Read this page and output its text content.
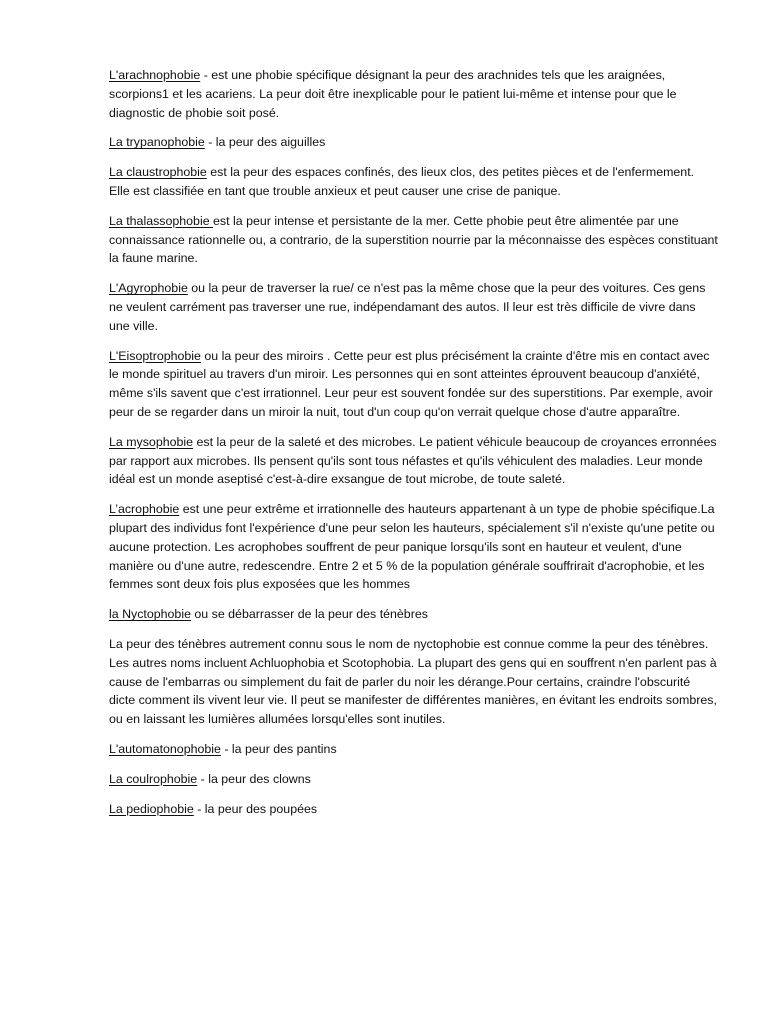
L'arachnophobie - est une phobie spécifique désignant la peur des arachnides tels que les araignées, scorpions1 et les acariens. La peur doit être inexplicable pour le patient lui-même et intense pour que le diagnostic de phobie soit posé.

La trypanophobie - la peur des aiguilles

La claustrophobie est la peur des espaces confinés, des lieux clos, des petites pièces et de l'enfermement. Elle est classifiée en tant que trouble anxieux et peut causer une crise de panique.

La thalassophobie est la peur intense et persistante de la mer. Cette phobie peut être alimentée par une connaissance rationnelle ou, a contrario, de la superstition nourrie par la méconnaisse des espèces constituant la faune marine.

L'Agyrophobie ou la peur de traverser la rue/ ce n'est pas la même chose que la peur des voitures. Ces gens ne veulent carrément pas traverser une rue, indépendamant des autos. Il leur est très difficile de vivre dans une ville.

L'Eisoptrophobie ou la peur des miroirs . Cette peur est plus précisément la crainte d'être mis en contact avec le monde spirituel au travers d'un miroir. Les personnes qui en sont atteintes éprouvent beaucoup d'anxiété, même s'ils savent que c'est irrationnel. Leur peur est souvent fondée sur des superstitions. Par exemple, avoir peur de se regarder dans un miroir la nuit, tout d'un coup qu'on verrait quelque chose d'autre apparaître.

La mysophobie est la peur de la saleté et des microbes. Le patient véhicule beaucoup de croyances erronnées par rapport aux microbes. Ils pensent qu'ils sont tous néfastes et qu'ils véhiculent des maladies. Leur monde idéal est un monde aseptisé c'est-à-dire exsangue de tout microbe, de toute saleté.

L’acrophobie est une peur extrême et irrationnelle des hauteurs appartenant à un type de phobie spécifique.La plupart des individus font l'expérience d'une peur selon les hauteurs, spécialement s'il n'existe qu'une petite ou aucune protection. Les acrophobes souffrent de peur panique lorsqu'ils sont en hauteur et veulent, d'une manière ou d'une autre, redescendre. Entre 2 et 5 % de la population générale souffrirait d'acrophobie, et les femmes sont deux fois plus exposées que les hommes

la Nyctophobie ou se débarrasser de la peur des ténèbres

La peur des ténèbres autrement connu sous le nom de nyctophobie est connue comme la peur des ténèbres. Les autres noms incluent Achluophobia et Scotophobia. La plupart des gens qui en souffrent n'en parlent pas à cause de l'embarras ou simplement du fait de parler du noir les dérange.Pour certains, craindre l'obscurité dicte comment ils vivent leur vie. Il peut se manifester de différentes manières, en évitant les endroits sombres, ou en laissant les lumières allumées lorsqu'elles sont inutiles.

L'automatonophobie - la peur des pantins

La coulrophobie - la peur des clowns

La pediophobie - la peur des poupées
